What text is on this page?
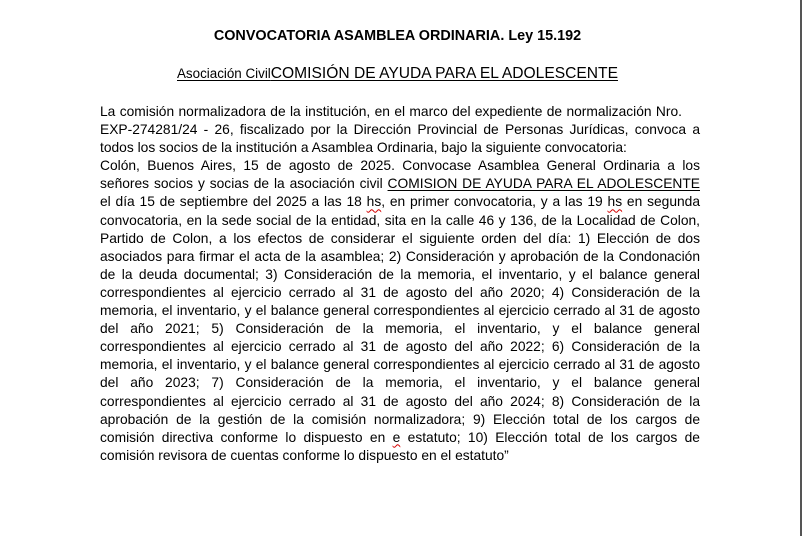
CONVOCATORIA ASAMBLEA ORDINARIA. Ley 15.192
Asociación CivilCOMISIÓN DE AYUDA PARA EL ADOLESCENTE

La comisión normalizadora de la institución, en el marco del expediente de normalización Nro.EXP-274281/24 - 26, fiscalizado por la Dirección Provincial de Personas Jurídicas, convoca a todos los socios de la institución a Asamblea Ordinaria, bajo la siguiente convocatoria:

Colón, Buenos Aires, 15 de agosto de 2025. Convocase Asamblea General Ordinaria a los señores socios y socias de la asociación civil COMISION DE AYUDA PARA EL ADOLESCENTE el día 15 de septiembre del 2025 a las 18 hs, en primer convocatoria, y a las 19 hs en segunda convocatoria, en la sede social de la entidad, sita en la calle 46 y 136, de la Localidad de Colon, Partido de Colon, a los efectos de considerar el siguiente orden del día: 1) Elección de dos asociados para firmar el acta de la asamblea; 2) Consideración y aprobación de la Condonación de la deuda documental; 3) Consideración de la memoria, el inventario, y el balance general correspondientes al ejercicio cerrado al 31 de agosto del año 2020; 4) Consideración de la memoria, el inventario, y el balance general correspondientes al ejercicio cerrado al 31 de agosto del año 2021; 5) Consideración de la memoria, el inventario, y el balance general correspondientes al ejercicio cerrado al 31 de agosto del año 2022; 6) Consideración de la memoria, el inventario, y el balance general correspondientes al ejercicio cerrado al 31 de agosto del año 2023; 7) Consideración de la memoria, el inventario, y el balance general correspondientes al ejercicio cerrado al 31 de agosto del año 2024; 8) Consideración de la aprobación de la gestión de la comisión normalizadora; 9) Elección total de los cargos de comisión directiva conforme lo dispuesto en e estatuto; 10) Elección total de los cargos de comisión revisora de cuentas conforme lo dispuesto en el estatuto”
